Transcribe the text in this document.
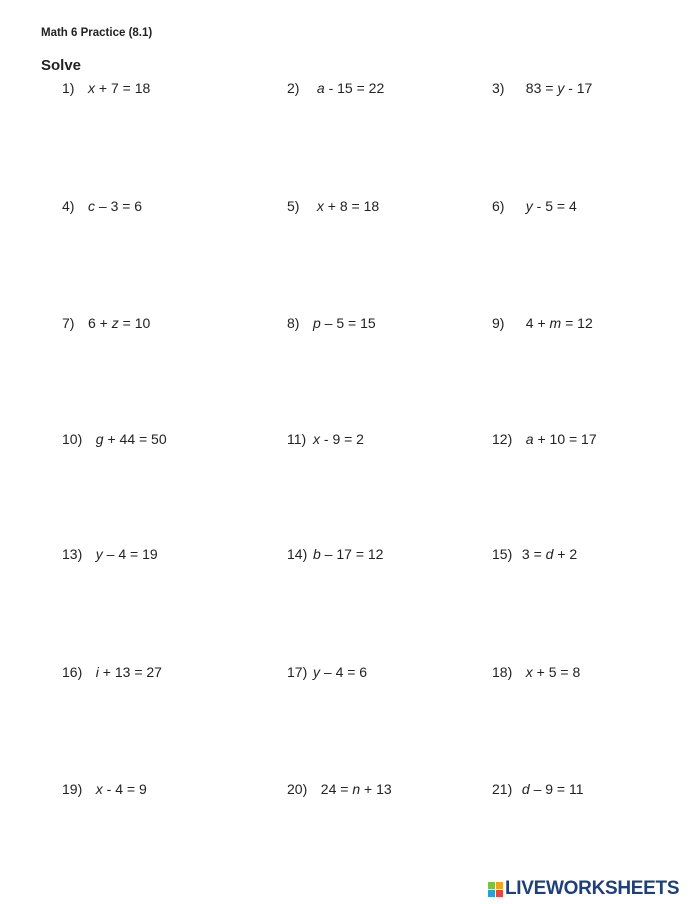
Math 6 Practice (8.1)
Solve
1) x + 7 = 18	2) a - 15 = 22	3)  83 = y - 17
4) c – 3 = 6	5) x + 8 = 18	6) y - 5 = 4
7) 6 + z = 10	8) p – 5 = 15	9)  4 + m = 12
10) g + 44 = 50	11) x - 9 = 2	12) a + 10 = 17
13) y – 4 = 19	14) b – 17 = 12	15) 3 = d + 2
16) i + 13 = 27	17) y – 4 = 6	18) x + 5 = 8
19) x - 4 = 9	20)  24 = n + 13	21) d – 9 = 11
LIVEWORKSHEETS
